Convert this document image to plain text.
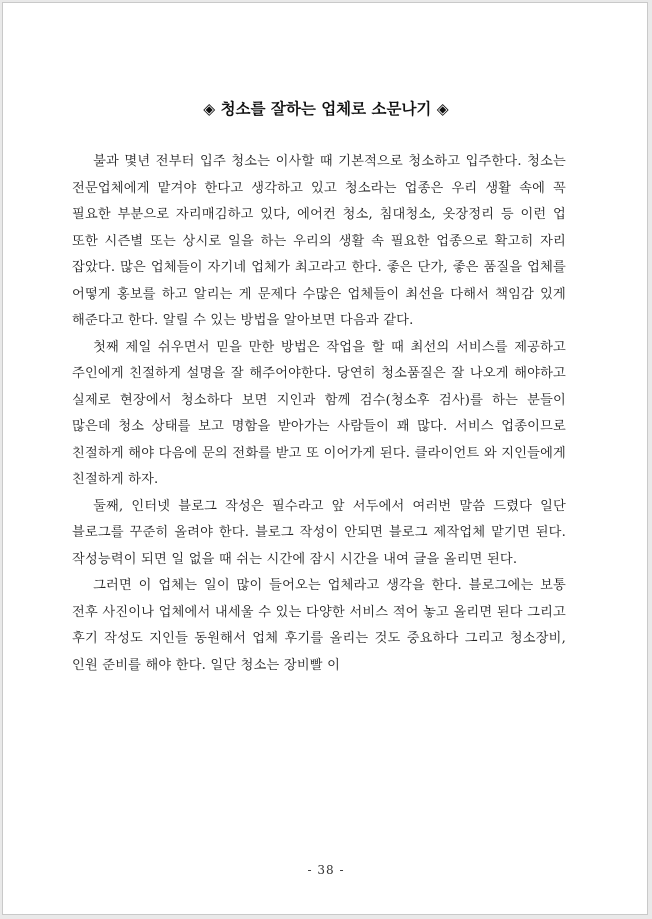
◈ 청소를 잘하는 업체로 소문나기 ◈

불과 몇년 전부터 입주 청소는 이사할 때 기본적으로 청소하고 입주한다. 청소는 전문업체에게 맡겨야 한다고 생각하고 있고 청소라는 업종은 우리 생활 속에 꼭 필요한 부분으로 자리매김하고 있다, 에어컨 청소, 침대청소, 옷장정리 등 이런 업 또한 시즌별 또는 상시로 일을 하는 우리의 생활 속 필요한 업종으로 확고히 자리 잡았다. 많은 업체들이 자기네 업체가 최고라고 한다. 좋은 단가, 좋은 품질을 업체를 어떻게 홍보를 하고 알리는 게 문제다 수많은 업체들이 최선을 다해서 책임감 있게 해준다고 한다. 알릴 수 있는 방법을 알아보면 다음과 같다.

첫째 제일 쉬우면서 믿을 만한 방법은 작업을 할 때 최선의 서비스를 제공하고 주인에게 친절하게 설명을 잘 해주어야한다. 당연히 청소품질은 잘 나오게 해야하고 실제로 현장에서 청소하다 보면 지인과 함께 검수(청소후 검사)를 하는 분들이 많은데 청소 상태를 보고 명함을 받아가는 사람들이 꽤 많다. 서비스 업종이므로 친절하게 해야 다음에 문의 전화를 받고 또 이어가게 된다. 클라이언트 와 지인들에게 친절하게 하자.

둘째, 인터넷 블로그 작성은 필수라고 앞 서두에서 여러번 말씀 드렸다 일단 블로그를 꾸준히 올려야 한다. 블로그 작성이 안되면 블로그 제작업체 맡기면 된다. 작성능력이 되면 일 없을 때 쉬는 시간에 잠시 시간을 내여 글을 올리면 된다.

그러면 이 업체는 일이 많이 들어오는 업체라고 생각을 한다. 블로그에는 보통 전후 사진이나 업체에서 내세울 수 있는 다양한 서비스 적어 놓고 올리면 된다 그리고 후기 작성도 지인들 동원해서 업체 후기를 올리는 것도 중요하다 그리고 청소장비, 인원 준비를 해야 한다. 일단 청소는 장비빨 이

- 38 -
